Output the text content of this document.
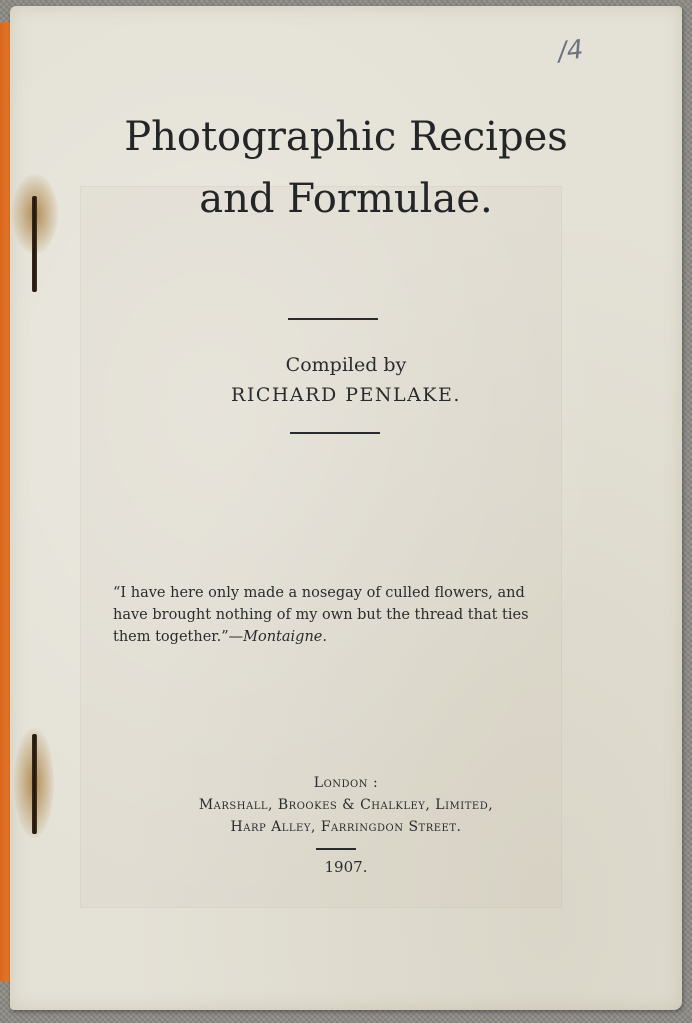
/4
Photographic Recipes
and Formulae.
Compiled by
RICHARD PENLAKE.
“I have here only made a nosegay of culled flowers, and have brought nothing of my own but the thread that ties them together.”—Montaigne.
London :
Marshall, Brookes & Chalkley, Limited,
Harp Alley, Farringdon Street.
1907.
